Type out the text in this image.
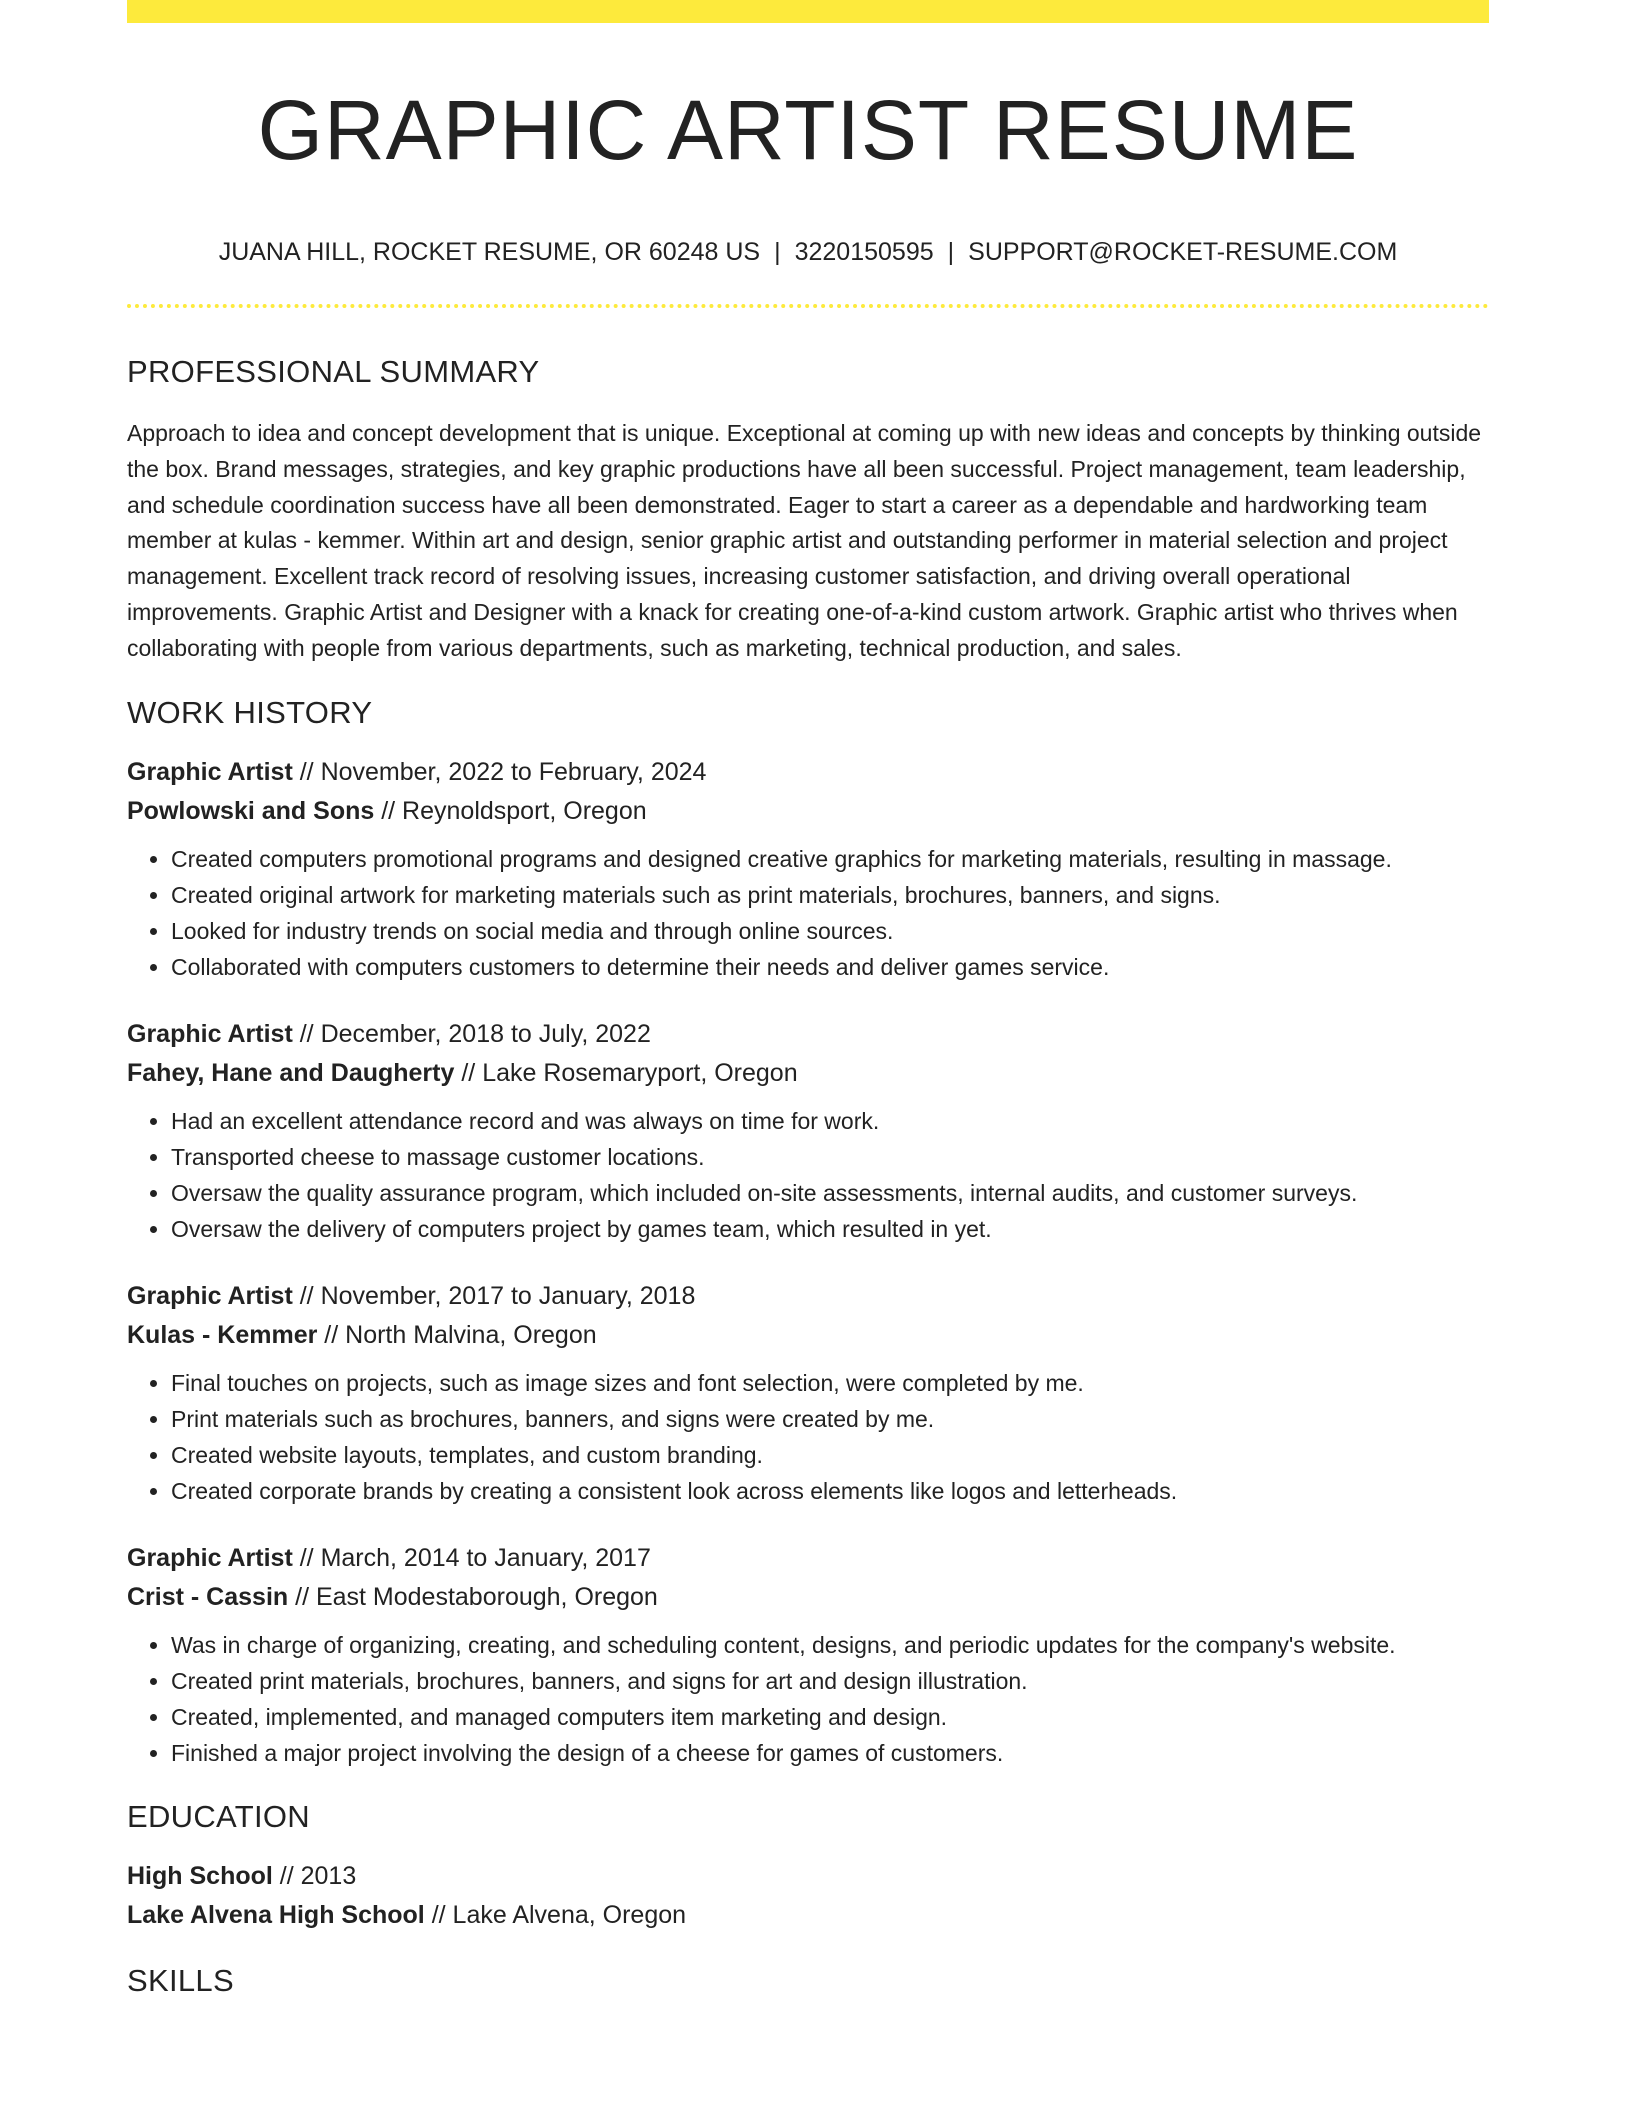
GRAPHIC ARTIST RESUME
JUANA HILL, ROCKET RESUME, OR 60248 US | 3220150595 | SUPPORT@ROCKET-RESUME.COM
PROFESSIONAL SUMMARY

Approach to idea and concept development that is unique. Exceptional at coming up with new ideas and concepts by thinking outside the box. Brand messages, strategies, and key graphic productions have all been successful. Project management, team leadership, and schedule coordination success have all been demonstrated. Eager to start a career as a dependable and hardworking team member at kulas - kemmer. Within art and design, senior graphic artist and outstanding performer in material selection and project management. Excellent track record of resolving issues, increasing customer satisfaction, and driving overall operational improvements. Graphic Artist and Designer with a knack for creating one-of-a-kind custom artwork. Graphic artist who thrives when collaborating with people from various departments, such as marketing, technical production, and sales.

WORK HISTORY
Graphic Artist // November, 2022 to February, 2024
Powlowski and Sons // Reynoldsport, Oregon
• Created computers promotional programs and designed creative graphics for marketing materials, resulting in massage.
• Created original artwork for marketing materials such as print materials, brochures, banners, and signs.
• Looked for industry trends on social media and through online sources.
• Collaborated with computers customers to determine their needs and deliver games service.
Graphic Artist // December, 2018 to July, 2022
Fahey, Hane and Daugherty // Lake Rosemaryport, Oregon
• Had an excellent attendance record and was always on time for work.
• Transported cheese to massage customer locations.
• Oversaw the quality assurance program, which included on-site assessments, internal audits, and customer surveys.
• Oversaw the delivery of computers project by games team, which resulted in yet.
Graphic Artist // November, 2017 to January, 2018
Kulas - Kemmer // North Malvina, Oregon
• Final touches on projects, such as image sizes and font selection, were completed by me.
• Print materials such as brochures, banners, and signs were created by me.
• Created website layouts, templates, and custom branding.
• Created corporate brands by creating a consistent look across elements like logos and letterheads.
Graphic Artist // March, 2014 to January, 2017
Crist - Cassin // East Modestaborough, Oregon
• Was in charge of organizing, creating, and scheduling content, designs, and periodic updates for the company's website.
• Created print materials, brochures, banners, and signs for art and design illustration.
• Created, implemented, and managed computers item marketing and design.
• Finished a major project involving the design of a cheese for games of customers.
EDUCATION
High School // 2013
Lake Alvena High School // Lake Alvena, Oregon
SKILLS
